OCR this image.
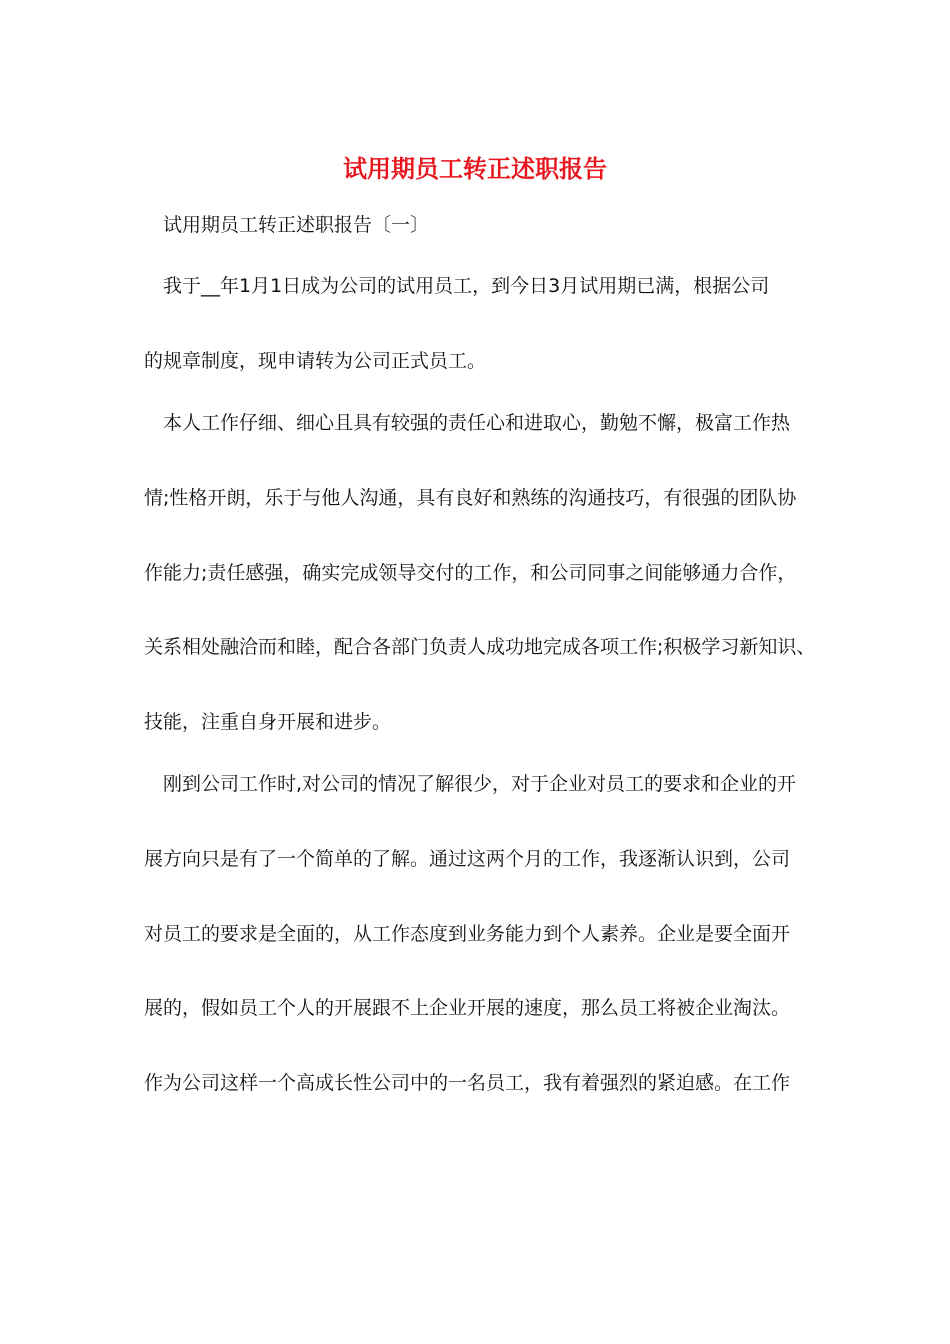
试用期员工转正述职报告

试用期员工转正述职报告〔一〕

我于__年1月1日成为公司的试用员工，到今日3月试用期已满，根据公司

的规章制度，现申请转为公司正式员工。

本人工作仔细、细心且具有较强的责任心和进取心，勤勉不懈，极富工作热

情;性格开朗，乐于与他人沟通，具有良好和熟练的沟通技巧，有很强的团队协

作能力;责任感强，确实完成领导交付的工作，和公司同事之间能够通力合作，

关系相处融洽而和睦，配合各部门负责人成功地完成各项工作;积极学习新知识、

技能，注重自身开展和进步。

刚到公司工作时,对公司的情况了解很少，对于企业对员工的要求和企业的开

展方向只是有了一个简单的了解。通过这两个月的工作，我逐渐认识到，公司

对员工的要求是全面的，从工作态度到业务能力到个人素养。企业是要全面开

展的，假如员工个人的开展跟不上企业开展的速度，那么员工将被企业淘汰。

作为公司这样一个高成长性公司中的一名员工，我有着强烈的紧迫感。在工作
